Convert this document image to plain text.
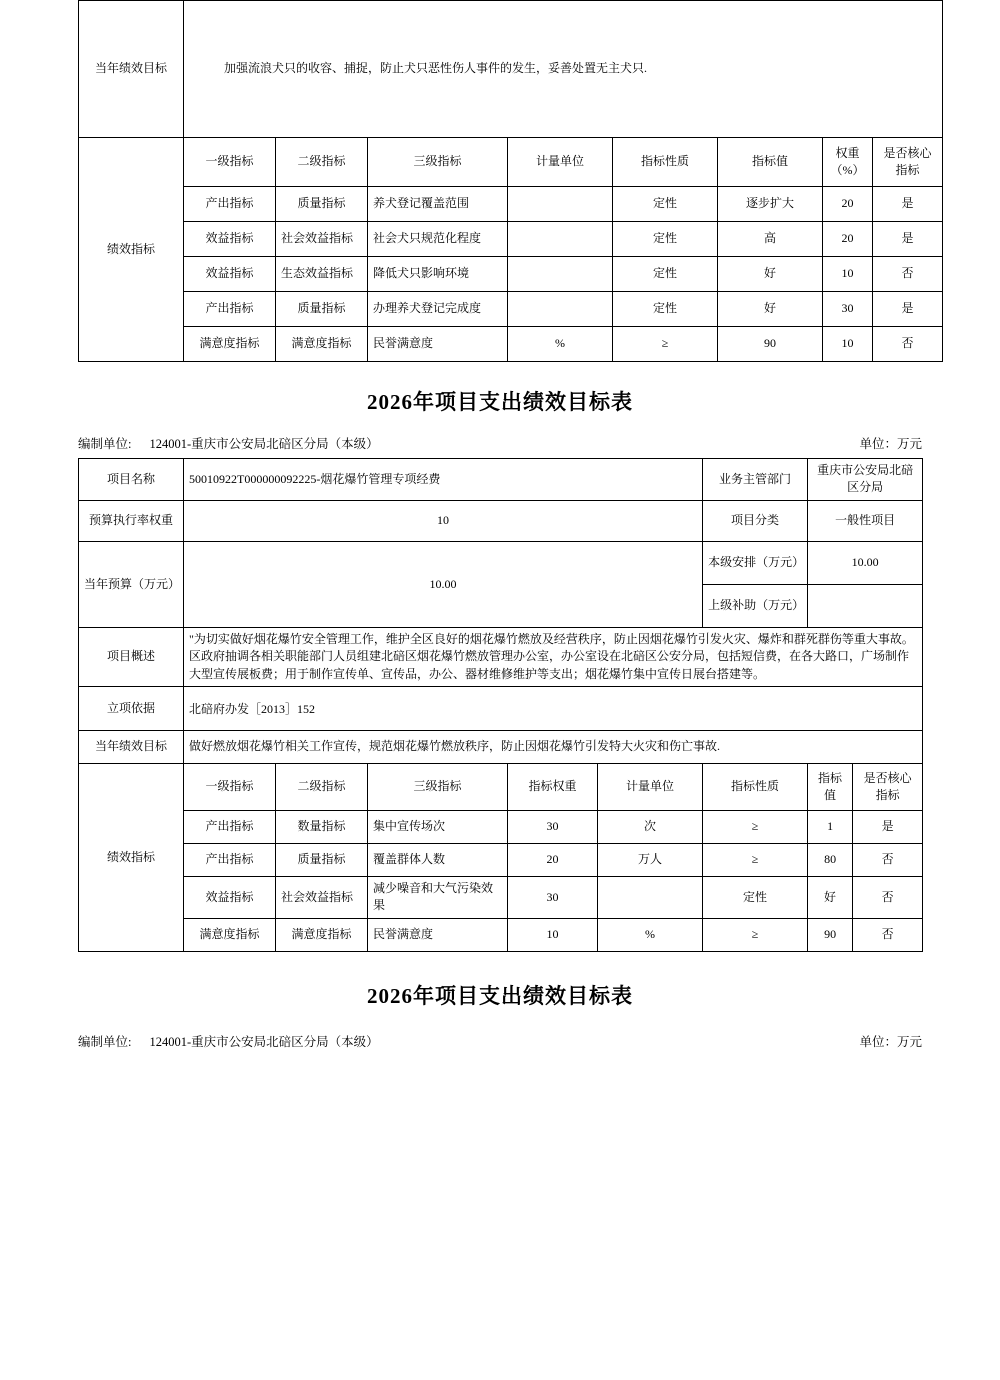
当年绩效目标	加强流浪犬只的收容、捕捉，防止犬只恶性伤人事件的发生，妥善处置无主犬只.							
绩效指标	一级指标	二级指标	三级指标	计量单位	指标性质	指标值	权重（%）	是否核心指标
	产出指标	质量指标	养犬登记覆盖范围		定性	逐步扩大	20	是
	效益指标	社会效益指标	社会犬只规范化程度		定性	高	20	是
	效益指标	生态效益指标	降低犬只影响环境		定性	好	10	否
	产出指标	质量指标	办理养犬登记完成度		定性	好	30	是
	满意度指标	满意度指标	民誉满意度	%	≥	90	10	否
2026年项目支出绩效目标表
编制单位: 124001-重庆市公安局北碚区分局（本级）	单位：万元
项目名称	50010922T000000092225-烟花爆竹管理专项经费					业务主管部门	重庆市公安局北碚区分局	
预算执行率权重	10					项目分类	一般性项目	
当年预算（万元）	10.00					本级安排（万元）	10.00	
						上级补助（万元）		
项目概述	"为切实做好烟花爆竹安全管理工作，维护全区良好的烟花爆竹燃放及经营秩序，防止因烟花爆竹引发火灾、爆炸和群死群伤等重大事故。区政府抽调各相关职能部门人员组建北碚区烟花爆竹燃放管理办公室，办公室设在北碚区公安分局，包括短信费，在各大路口，广场制作大型宣传展板费；用于制作宣传单、宣传品，办公、器材维修维护等支出；烟花爆竹集中宣传日展台搭建等。							
立项依据	北碚府办发［2013］152							
当年绩效目标	做好燃放烟花爆竹相关工作宣传，规范烟花爆竹燃放秩序，防止因烟花爆竹引发特大火灾和伤亡事故.							
绩效指标	一级指标	二级指标	三级指标	指标权重	计量单位	指标性质	指标值	是否核心指标
	产出指标	数量指标	集中宣传场次	30	次	≥	1	是
	产出指标	质量指标	覆盖群体人数	20	万人	≥	80	否
	效益指标	社会效益指标	减少噪音和大气污染效果	30		定性	好	否
	满意度指标	满意度指标	民誉满意度	10	%	≥	90	否
2026年项目支出绩效目标表
编制单位: 124001-重庆市公安局北碚区分局（本级）	单位：万元
